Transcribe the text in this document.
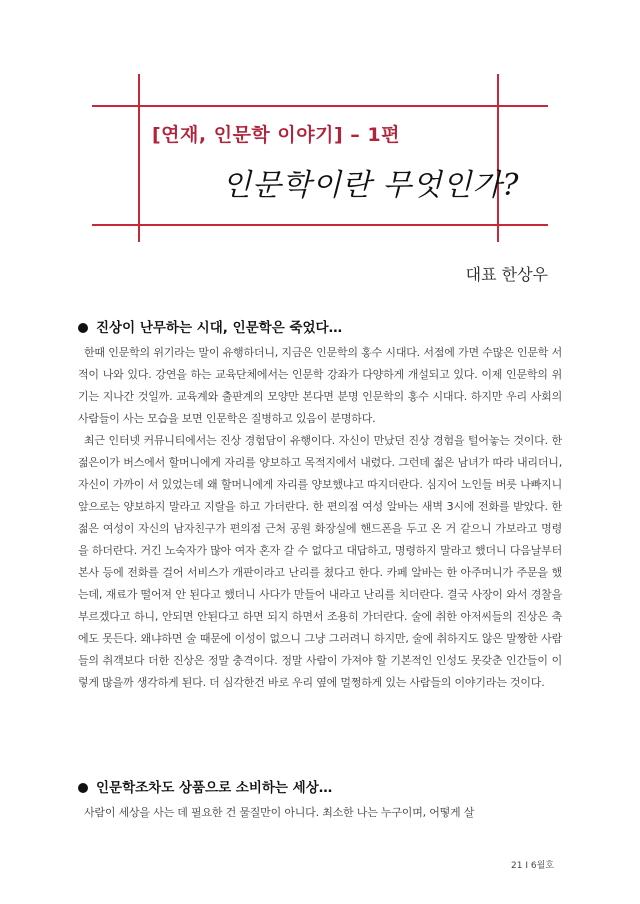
[연재, 인문학 이야기] – 1편
인문학이란 무엇인가?
대표 한상우
진상이 난무하는 시대, 인문학은 죽었다…

한때 인문학의 위기라는 말이 유행하더니, 지금은 인문학의 홍수 시대다. 서점에 가면 수많은 인문학 서적이 나와 있다. 강연을 하는 교육단체에서는 인문학 강좌가 다양하게 개설되고 있다. 이제 인문학의 위기는 지나간 것일까. 교육계와 출판계의 모양만 본다면 분명 인문학의 홍수 시대다. 하지만 우리 사회의 사람들이 사는 모습을 보면 인문학은 질병하고 있음이 분명하다.

최근 인터넷 커뮤니티에서는 진상 경험담이 유행이다. 자신이 만났던 진상 경험을 털어놓는 것이다. 한 젊은이가 버스에서 할머니에게 자리를 양보하고 목적지에서 내렸다. 그런데 젊은 남녀가 따라 내리더니, 자신이 가까이 서 있었는데 왜 할머니에게 자리를 양보했냐고 따지더란다. 심지어 노인들 버릇 나빠지니 앞으로는 양보하지 말라고 지랄을 하고 가더란다. 한 편의점 여성 알바는 새벽 3시에 전화를 받았다. 한 젊은 여성이 자신의 남자친구가 편의점 근처 공원 화장실에 핸드폰을 두고 온 거 같으니 가보라고 명령을 하더란다. 거긴 노숙자가 많아 여자 혼자 갈 수 없다고 대답하고, 명령하지 말라고 했더니 다음날부터 본사 등에 전화를 걸어 서비스가 개판이라고 난리를 쳤다고 한다. 카페 알바는 한 아주머니가 주문을 했는데, 재료가 떨어져 안 된다고 했더니 사다가 만들어 내라고 난리를 치더란다. 결국 사장이 와서 경찰을 부르겠다고 하니, 안되면 안된다고 하면 되지 하면서 조용히 가더란다. 술에 취한 아저씨들의 진상은 축에도 못든다. 왜냐하면 술 때문에 이성이 없으니 그냥 그러려니 하지만, 술에 취하지도 않은 말짱한 사람들의 취객보다 더한 진상은 정말 충격이다. 정말 사람이 가져야 할 기본적인 인성도 못갖춘 인간들이 이렇게 많을까 생각하게 된다. 더 심각한건 바로 우리 옆에 멀쩡하게 있는 사람들의 이야기라는 것이다.

인문학조차도 상품으로 소비하는 세상…

사람이 세상을 사는 데 필요한 건 물질만이 아니다. 최소한 나는 누구이며, 어떻게 살

21 I 6월호
